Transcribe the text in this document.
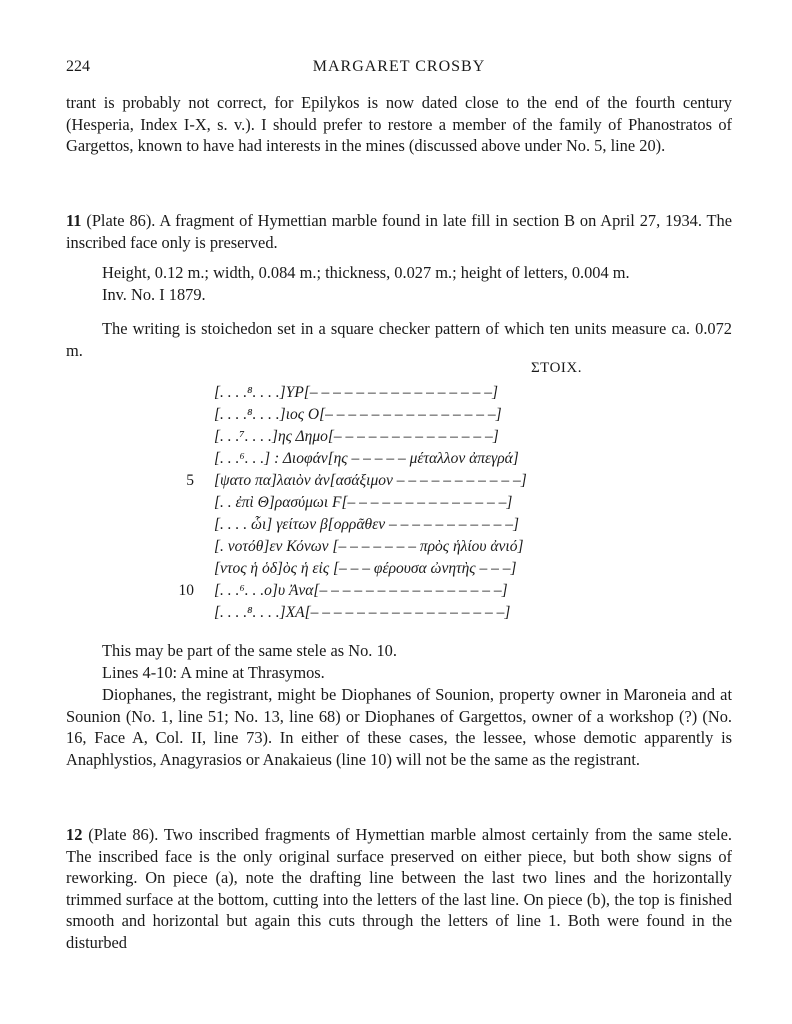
224	MARGARET CROSBY

trant is probably not correct, for Epilykos is now dated close to the end of the fourth century (Hesperia, Index I-X, s. v.). I should prefer to restore a member of the family of Phanostratos of Gargettos, known to have had interests in the mines (discussed above under No. 5, line 20).

11 (Plate 86). A fragment of Hymettian marble found in late fill in section Β on April 27, 1934. The inscribed face only is preserved.

Height, 0.12 m.; width, 0.084 m.; thickness, 0.027 m.; height of letters, 0.004 m.
Inv. No. I 1879.

The writing is stoichedon set in a square checker pattern of which ten units measure ca. 0.072 m.

ΣΤΟΙΧ.
[. . . .⁸. . . .]ΥΡ[– – – – – – – – – – – – – – – –]
[. . . .⁸. . . .]ιος Ο[– – – – – – – – – – – – – – –]
[. . .⁷. . . .]ης Δημο[– – – – – – – – – – – – – –]
[. . .⁶. . .] : Διοφάν[ης – – – – – μέταλλον ἀπεγρά]
5 [ψατο πα]λαιὸν ἀν[ασάξιμον – – – – – – – – – – –]
[. . ἐπὶ Θ]ρασύμωι Ϝ[– – – – – – – – – – – – – –]
[. . . . ὧι] γείτων β[ορρᾶθεν – – – – – – – – – – –]
[. νοτόθ]εν Κόνων [– – – – – – – πρὸς ἡλίου ἀνιό]
[ντος ἡ ὁδ]ὸς ἡ εἰς [– – – φέρουσα ὠνητὴς – – –]
10 [. . .⁶. . .ο]υ Ἀνα[– – – – – – – – – – – – – – – –]
[. . . .⁸. . . .]ΧΑ[– – – – – – – – – – – – – – – – –]
This may be part of the same stele as No. 10.
Lines 4-10: A mine at Thrasymos.

Diophanes, the registrant, might be Diophanes of Sounion, property owner in Maroneia and at Sounion (No. 1, line 51; No. 13, line 68) or Diophanes of Gargettos, owner of a workshop (?) (No. 16, Face A, Col. II, line 73). In either of these cases, the lessee, whose demotic apparently is Anaphlystios, Anagyrasios or Anakaieus (line 10) will not be the same as the registrant.

12 (Plate 86). Two inscribed fragments of Hymettian marble almost certainly from the same stele. The inscribed face is the only original surface preserved on either piece, but both show signs of reworking. On piece (a), note the drafting line between the last two lines and the horizontally trimmed surface at the bottom, cutting into the letters of the last line. On piece (b), the top is finished smooth and horizontal but again this cuts through the letters of line 1. Both were found in the disturbed
